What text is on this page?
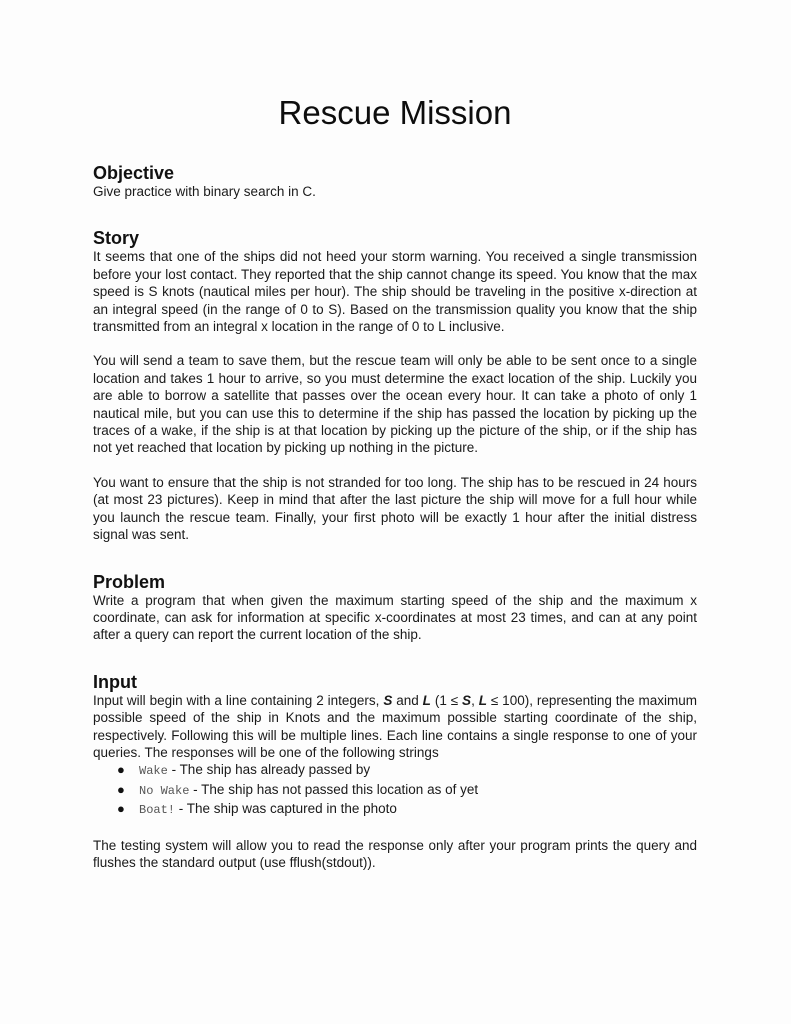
Rescue Mission
Objective

Give practice with binary search in C.

Story

It seems that one of the ships did not heed your storm warning. You received a single transmission before your lost contact. They reported that the ship cannot change its speed. You know that the max speed is S knots (nautical miles per hour). The ship should be traveling in the positive x-direction at an integral speed (in the range of 0 to S). Based on the transmission quality you know that the ship transmitted from an integral x location in the range of 0 to L inclusive.

You will send a team to save them, but the rescue team will only be able to be sent once to a single location and takes 1 hour to arrive, so you must determine the exact location of the ship. Luckily you are able to borrow a satellite that passes over the ocean every hour. It can take a photo of only 1 nautical mile, but you can use this to determine if the ship has passed the location by picking up the traces of a wake, if the ship is at that location by picking up the picture of the ship, or if the ship has not yet reached that location by picking up nothing in the picture.

You want to ensure that the ship is not stranded for too long. The ship has to be rescued in 24 hours (at most 23 pictures). Keep in mind that after the last picture the ship will move for a full hour while you launch the rescue team. Finally, your first photo will be exactly 1 hour after the initial distress signal was sent.

Problem

Write a program that when given the maximum starting speed of the ship and the maximum x coordinate, can ask for information at specific x-coordinates at most 23 times, and can at any point after a query can report the current location of the ship.

Input

Input will begin with a line containing 2 integers, S and L (1 ≤ S, L ≤ 100), representing the maximum possible speed of the ship in Knots and the maximum possible starting coordinate of the ship, respectively. Following this will be multiple lines. Each line contains a single response to one of your queries. The responses will be one of the following strings

● Wake - The ship has already passed by
● No Wake - The ship has not passed this location as of yet
● Boat! - The ship was captured in the photo

The testing system will allow you to read the response only after your program prints the query and flushes the standard output (use fflush(stdout)).
